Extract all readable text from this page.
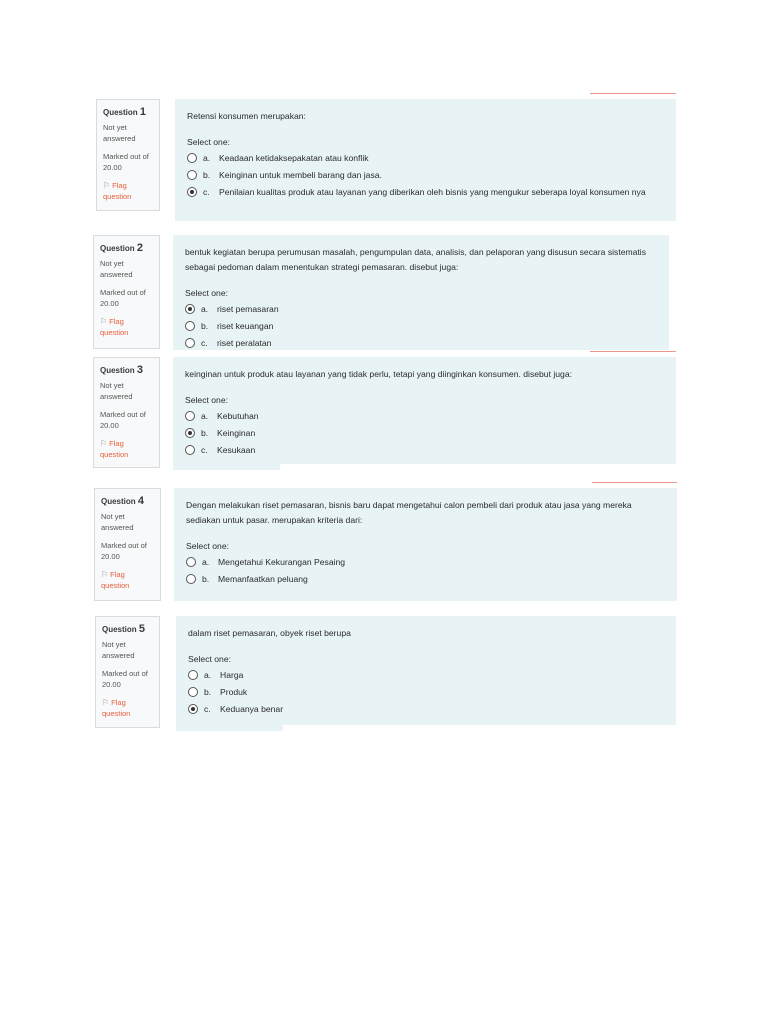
Question 1
Not yet answered
Marked out of 20.00
⚐ Flag question
Retensi konsumen merupakan:
Select one:
a.	Keadaan ketidaksepakatan atau konflik
b.	Keinginan untuk membeli barang dan jasa.
c.	Penilaian kualitas produk atau layanan yang diberikan oleh bisnis yang mengukur seberapa loyal konsumen nya
Question 2
Not yet answered
Marked out of 20.00
⚐ Flag question
bentuk kegiatan berupa perumusan masalah, pengumpulan data, analisis, dan pelaporan yang disusun secara sistematis sebagai pedoman dalam menentukan strategi pemasaran. disebut juga:
Select one:
a.	riset pemasaran
b.	riset keuangan
c.	riset peralatan
Question 3
Not yet answered
Marked out of 20.00
⚐ Flag question
keinginan untuk produk atau layanan yang tidak perlu, tetapi yang diinginkan konsumen. disebut juga:
Select one:
a.	Kebutuhan
b.	Keinginan
c.	Kesukaan
Question 4
Not yet answered
Marked out of 20.00
⚐ Flag question
Dengan melakukan riset pemasaran, bisnis baru dapat mengetahui calon pembeli dari produk atau jasa yang mereka sediakan untuk pasar. merupakan kriteria dari:
Select one:
a.	Mengetahui Kekurangan Pesaing
b.	Memanfaatkan peluang
Question 5
Not yet answered
Marked out of 20.00
⚐ Flag question
dalam riset pemasaran, obyek riset berupa
Select one:
a.	Harga
b.	Produk
c.	Keduanya benar
